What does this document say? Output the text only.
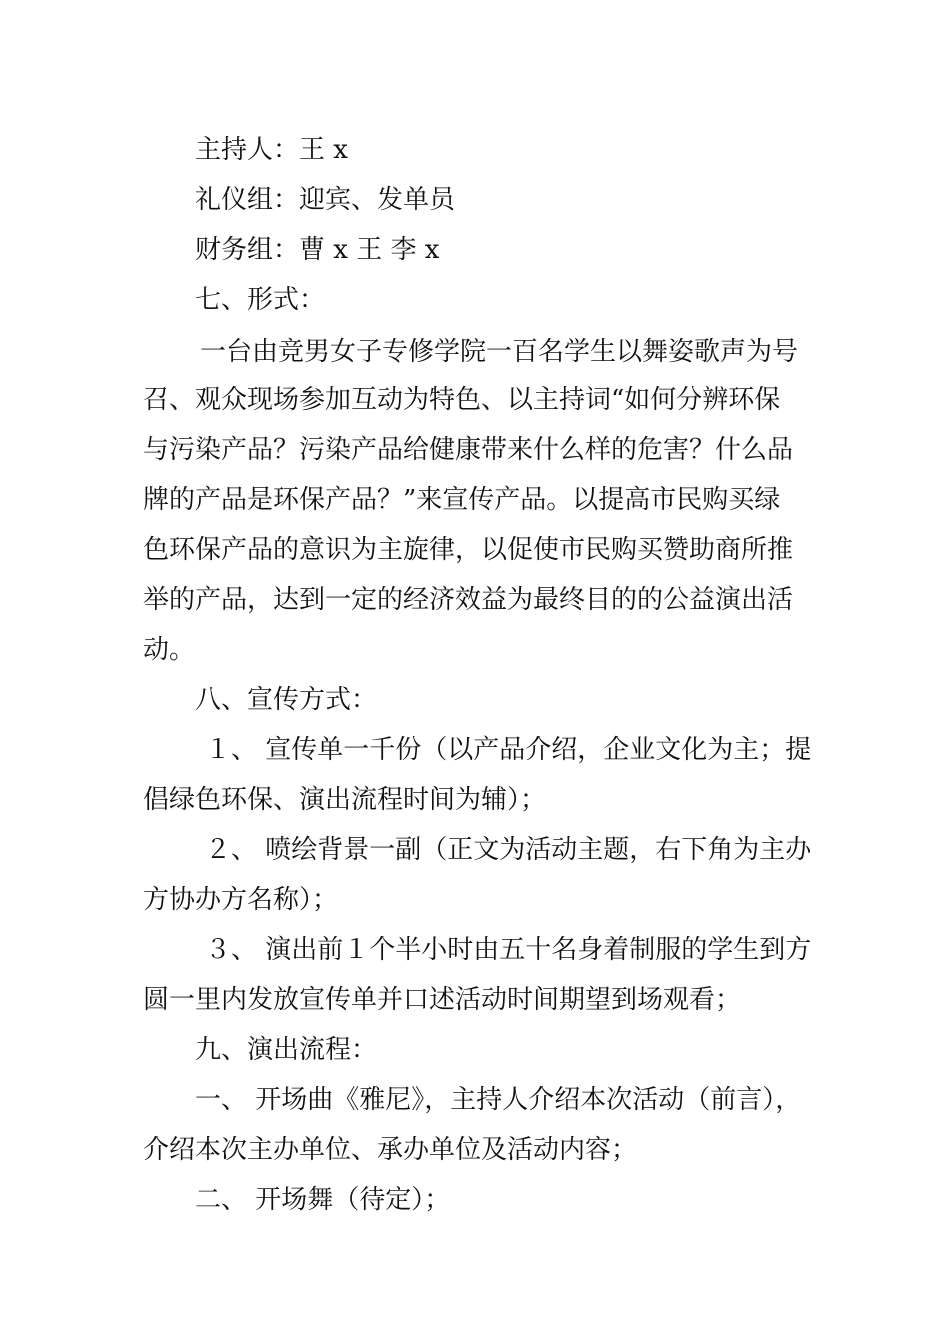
主持人：王 x
礼仪组：迎宾、发单员
财务组：曹 x 王 李 x
七、形式：
一台由竞男女子专修学院一百名学生以舞姿歌声为号
召、观众现场参加互动为特色、以主持词“如何分辨环保
与污染产品？污染产品给健康带来什么样的危害？什么品
牌的产品是环保产品？”来宣传产品。以提高市民购买绿
色环保产品的意识为主旋律，以促使市民购买赞助商所推
举的产品，达到一定的经济效益为最终目的的公益演出活
动。
八、宣传方式：
１、 宣传单一千份（以产品介绍，企业文化为主；提
倡绿色环保、演出流程时间为辅）；
２、 喷绘背景一副（正文为活动主题，右下角为主办
方协办方名称）；
３、 演出前１个半小时由五十名身着制服的学生到方
圆一里内发放宣传单并口述活动时间期望到场观看；
九、演出流程：
一、 开场曲《雅尼》，主持人介绍本次活动（前言），
介绍本次主办单位、承办单位及活动内容；
二、 开场舞（待定）；
